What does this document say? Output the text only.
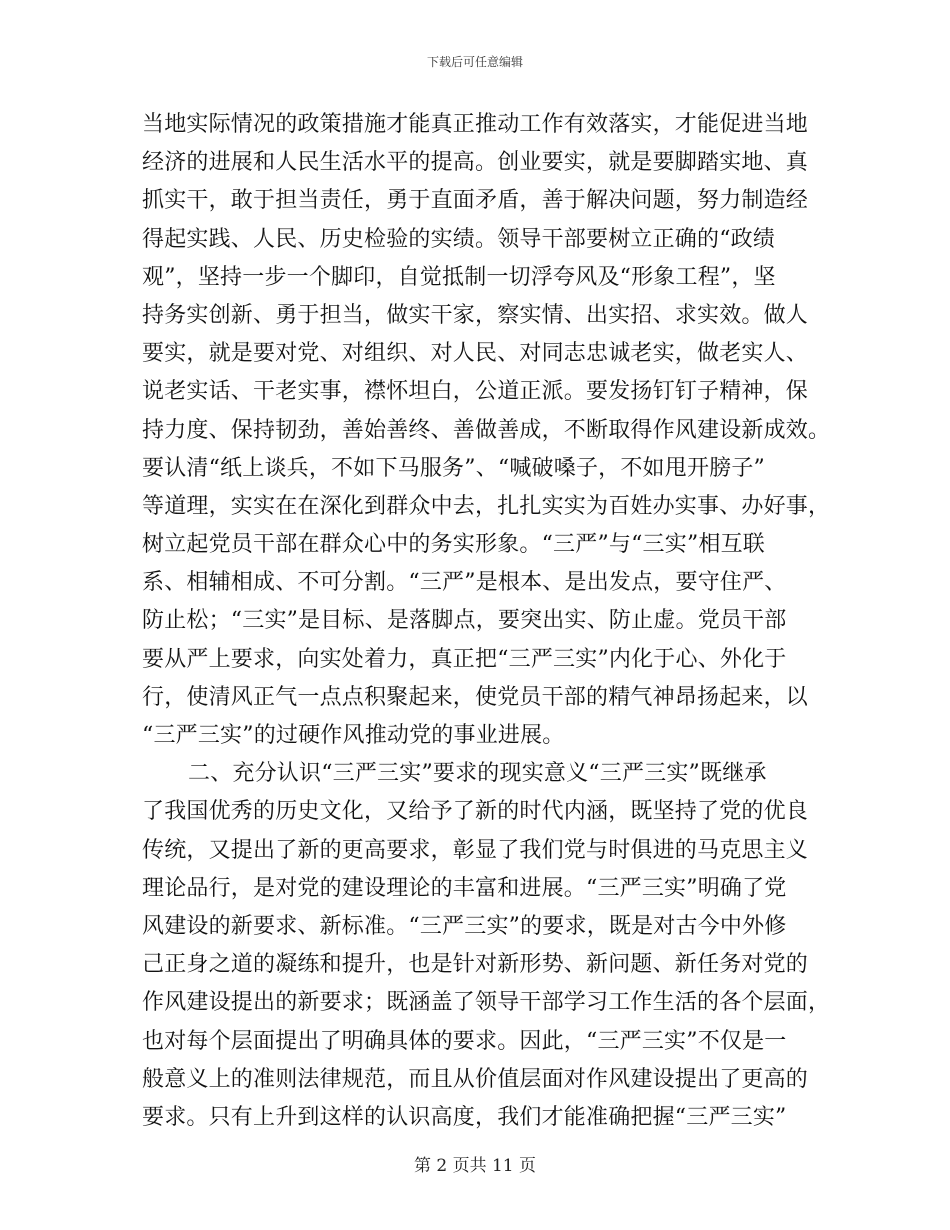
下载后可任意编辑
当地实际情况的政策措施才能真正推动工作有效落实，才能促进当地
经济的进展和人民生活水平的提高。创业要实，就是要脚踏实地、真
抓实干，敢于担当责任，勇于直面矛盾，善于解决问题，努力制造经
得起实践、人民、历史检验的实绩。领导干部要树立正确的“政绩
观”，坚持一步一个脚印，自觉抵制一切浮夸风及“形象工程”，坚
持务实创新、勇于担当，做实干家，察实情、出实招、求实效。做人
要实，就是要对党、对组织、对人民、对同志忠诚老实，做老实人、
说老实话、干老实事，襟怀坦白，公道正派。要发扬钉钉子精神，保
持力度、保持韧劲，善始善终、善做善成，不断取得作风建设新成效。
要认清“纸上谈兵，不如下马服务”、“喊破嗓子，不如甩开膀子”
等道理，实实在在深化到群众中去，扎扎实实为百姓办实事、办好事，
树立起党员干部在群众心中的务实形象。“三严”与“三实”相互联
系、相辅相成、不可分割。“三严”是根本、是出发点，要守住严、
防止松；“三实”是目标、是落脚点，要突出实、防止虚。党员干部
要从严上要求，向实处着力，真正把“三严三实”内化于心、外化于
行，使清风正气一点点积聚起来，使党员干部的精气神昂扬起来，以
“三严三实”的过硬作风推动党的事业进展。
二、充分认识“三严三实”要求的现实意义“三严三实”既继承
了我国优秀的历史文化，又给予了新的时代内涵，既坚持了党的优良
传统，又提出了新的更高要求，彰显了我们党与时俱进的马克思主义
理论品行，是对党的建设理论的丰富和进展。“三严三实”明确了党
风建设的新要求、新标准。“三严三实”的要求，既是对古今中外修
己正身之道的凝练和提升，也是针对新形势、新问题、新任务对党的
作风建设提出的新要求；既涵盖了领导干部学习工作生活的各个层面，
也对每个层面提出了明确具体的要求。因此，“三严三实”不仅是一
般意义上的准则法律规范，而且从价值层面对作风建设提出了更高的
要求。只有上升到这样的认识高度，我们才能准确把握“三严三实”
第 2 页共 11 页
